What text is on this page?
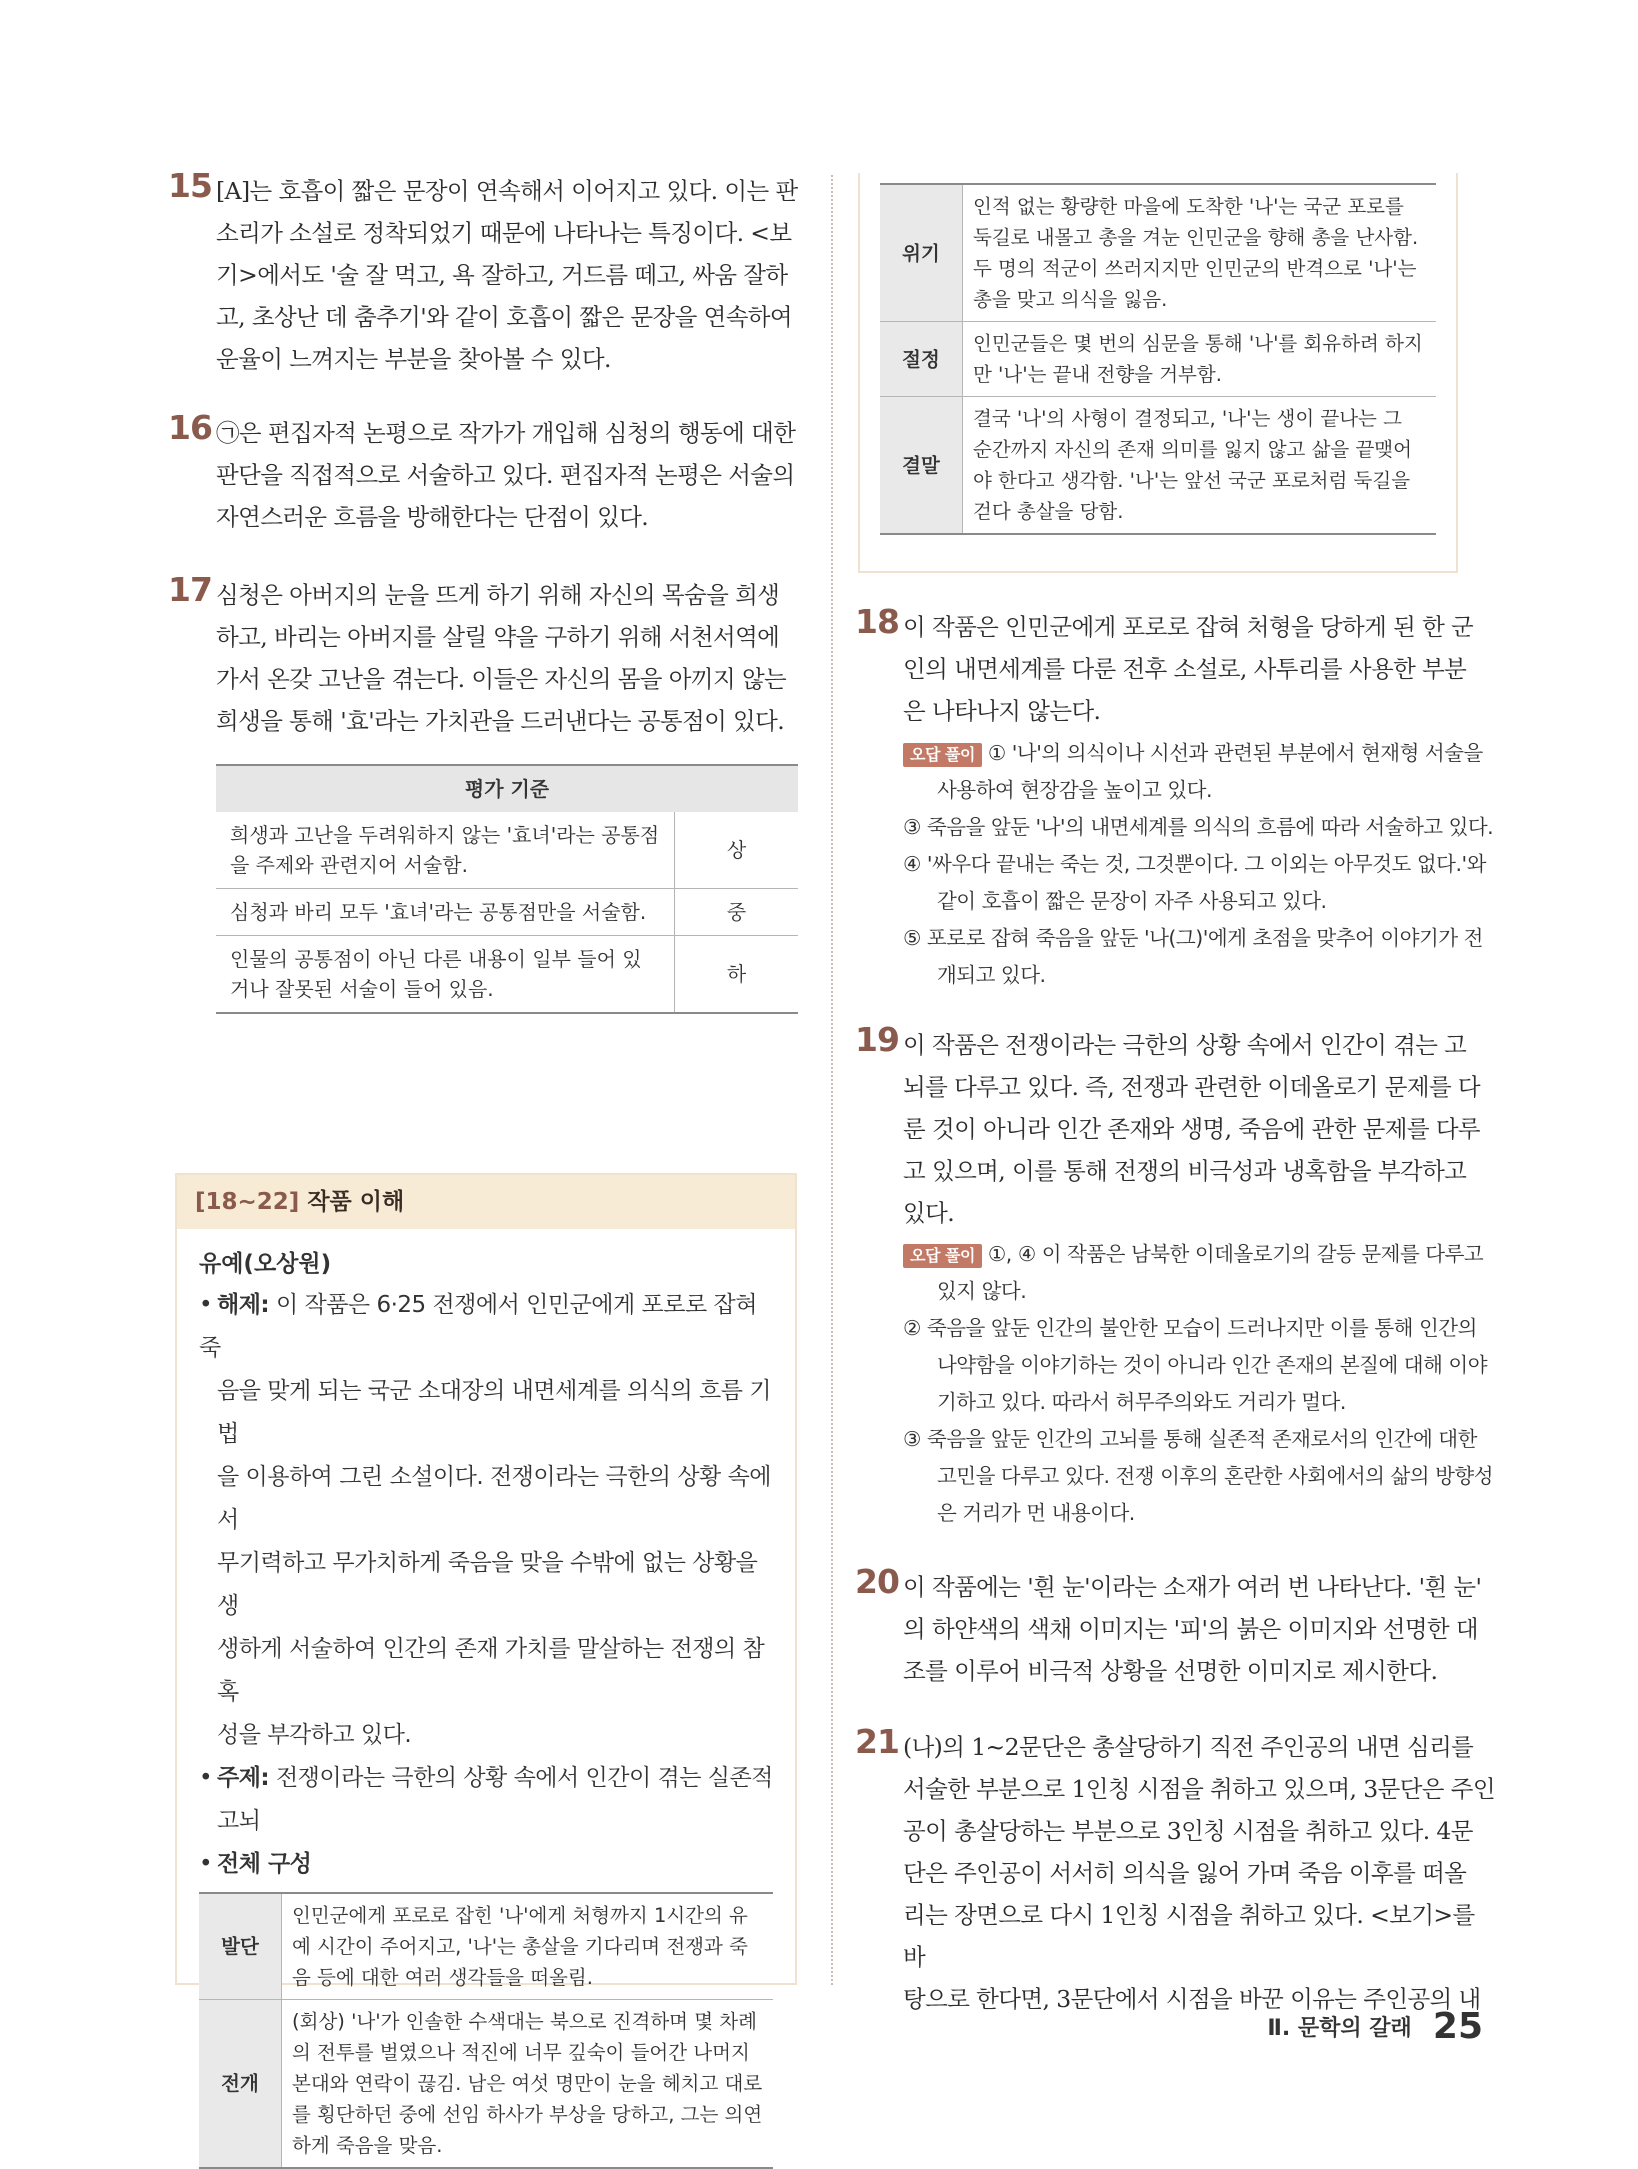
15 [A]는 호흡이 짧은 문장이 연속해서 이어지고 있다. 이는 판
소리가 소설로 정착되었기 때문에 나타나는 특징이다. <보
기>에서도 '술 잘 먹고, 욕 잘하고, 거드름 떼고, 싸움 잘하
고, 초상난 데 춤추기'와 같이 호흡이 짧은 문장을 연속하여
운율이 느껴지는 부분을 찾아볼 수 있다.
16 ㉠은 편집자적 논평으로 작가가 개입해 심청의 행동에 대한
판단을 직접적으로 서술하고 있다. 편집자적 논평은 서술의
자연스러운 흐름을 방해한다는 단점이 있다.
17 심청은 아버지의 눈을 뜨게 하기 위해 자신의 목숨을 희생
하고, 바리는 아버지를 살릴 약을 구하기 위해 서천서역에
가서 온갖 고난을 겪는다. 이들은 자신의 몸을 아끼지 않는
희생을 통해 '효'라는 가치관을 드러낸다는 공통점이 있다.
평가 기준	
희생과 고난을 두려워하지 않는 '효녀'라는 공통점을 주제와 관련지어 서술함.	상
심청과 바리 모두 '효녀'라는 공통점만을 서술함.	중
인물의 공통점이 아닌 다른 내용이 일부 들어 있거나 잘못된 서술이 들어 있음.	하
[18~22] 작품 이해
유예(오상원)
• 해제: 이 작품은 6·25 전쟁에서 인민군에게 포로로 잡혀 죽
음을 맞게 되는 국군 소대장의 내면세계를 의식의 흐름 기법
을 이용하여 그린 소설이다. 전쟁이라는 극한의 상황 속에서
무기력하고 무가치하게 죽음을 맞을 수밖에 없는 상황을 생
생하게 서술하여 인간의 존재 가치를 말살하는 전쟁의 참혹
성을 부각하고 있다.
• 주제: 전쟁이라는 극한의 상황 속에서 인간이 겪는 실존적
고뇌
• 전체 구성
발단	인민군에게 포로로 잡힌 '나'에게 처형까지 1시간의 유예 시간이 주어지고, '나'는 총살을 기다리며 전쟁과 죽음 등에 대한 여러 생각들을 떠올림.
전개	(회상) '나'가 인솔한 수색대는 북으로 진격하며 몇 차례의 전투를 벌였으나 적진에 너무 깊숙이 들어간 나머지 본대와 연락이 끊김. 남은 여섯 명만이 눈을 헤치고 대로를 횡단하던 중에 선임 하사가 부상을 당하고, 그는 의연하게 죽음을 맞음.
위기	인적 없는 황량한 마을에 도착한 '나'는 국군 포로를 둑길로 내몰고 총을 겨눈 인민군을 향해 총을 난사함. 두 명의 적군이 쓰러지지만 인민군의 반격으로 '나'는 총을 맞고 의식을 잃음.
절정	인민군들은 몇 번의 심문을 통해 '나'를 회유하려 하지만 '나'는 끝내 전향을 거부함.
결말	결국 '나'의 사형이 결정되고, '나'는 생이 끝나는 그 순간까지 자신의 존재 의미를 잃지 않고 삶을 끝맺어야 한다고 생각함. '나'는 앞선 국군 포로처럼 둑길을 걷다 총살을 당함.
18 이 작품은 인민군에게 포로로 잡혀 처형을 당하게 된 한 군
인의 내면세계를 다룬 전후 소설로, 사투리를 사용한 부분
은 나타나지 않는다.
오답 풀이 ① '나'의 의식이나 시선과 관련된 부분에서 현재형 서술을
사용하여 현장감을 높이고 있다.
③ 죽음을 앞둔 '나'의 내면세계를 의식의 흐름에 따라 서술하고 있다.
④ '싸우다 끝내는 죽는 것, 그것뿐이다. 그 이외는 아무것도 없다.'와
같이 호흡이 짧은 문장이 자주 사용되고 있다.
⑤ 포로로 잡혀 죽음을 앞둔 '나(그)'에게 초점을 맞추어 이야기가 전
개되고 있다.
19 이 작품은 전쟁이라는 극한의 상황 속에서 인간이 겪는 고
뇌를 다루고 있다. 즉, 전쟁과 관련한 이데올로기 문제를 다
룬 것이 아니라 인간 존재와 생명, 죽음에 관한 문제를 다루
고 있으며, 이를 통해 전쟁의 비극성과 냉혹함을 부각하고
있다.
오답 풀이 ①, ④ 이 작품은 남북한 이데올로기의 갈등 문제를 다루고
있지 않다.
② 죽음을 앞둔 인간의 불안한 모습이 드러나지만 이를 통해 인간의
나약함을 이야기하는 것이 아니라 인간 존재의 본질에 대해 이야
기하고 있다. 따라서 허무주의와도 거리가 멀다.
③ 죽음을 앞둔 인간의 고뇌를 통해 실존적 존재로서의 인간에 대한
고민을 다루고 있다. 전쟁 이후의 혼란한 사회에서의 삶의 방향성
은 거리가 먼 내용이다.
20 이 작품에는 '흰 눈'이라는 소재가 여러 번 나타난다. '흰 눈'
의 하얀색의 색채 이미지는 '피'의 붉은 이미지와 선명한 대
조를 이루어 비극적 상황을 선명한 이미지로 제시한다.
21 (나)의 1~2문단은 총살당하기 직전 주인공의 내면 심리를
서술한 부분으로 1인칭 시점을 취하고 있으며, 3문단은 주인
공이 총살당하는 부분으로 3인칭 시점을 취하고 있다. 4문
단은 주인공이 서서히 의식을 잃어 가며 죽음 이후를 떠올
리는 장면으로 다시 1인칭 시점을 취하고 있다. <보기>를 바
탕으로 한다면, 3문단에서 시점을 바꾼 이유는 주인공의 내
Ⅱ. 문학의 갈래 25
